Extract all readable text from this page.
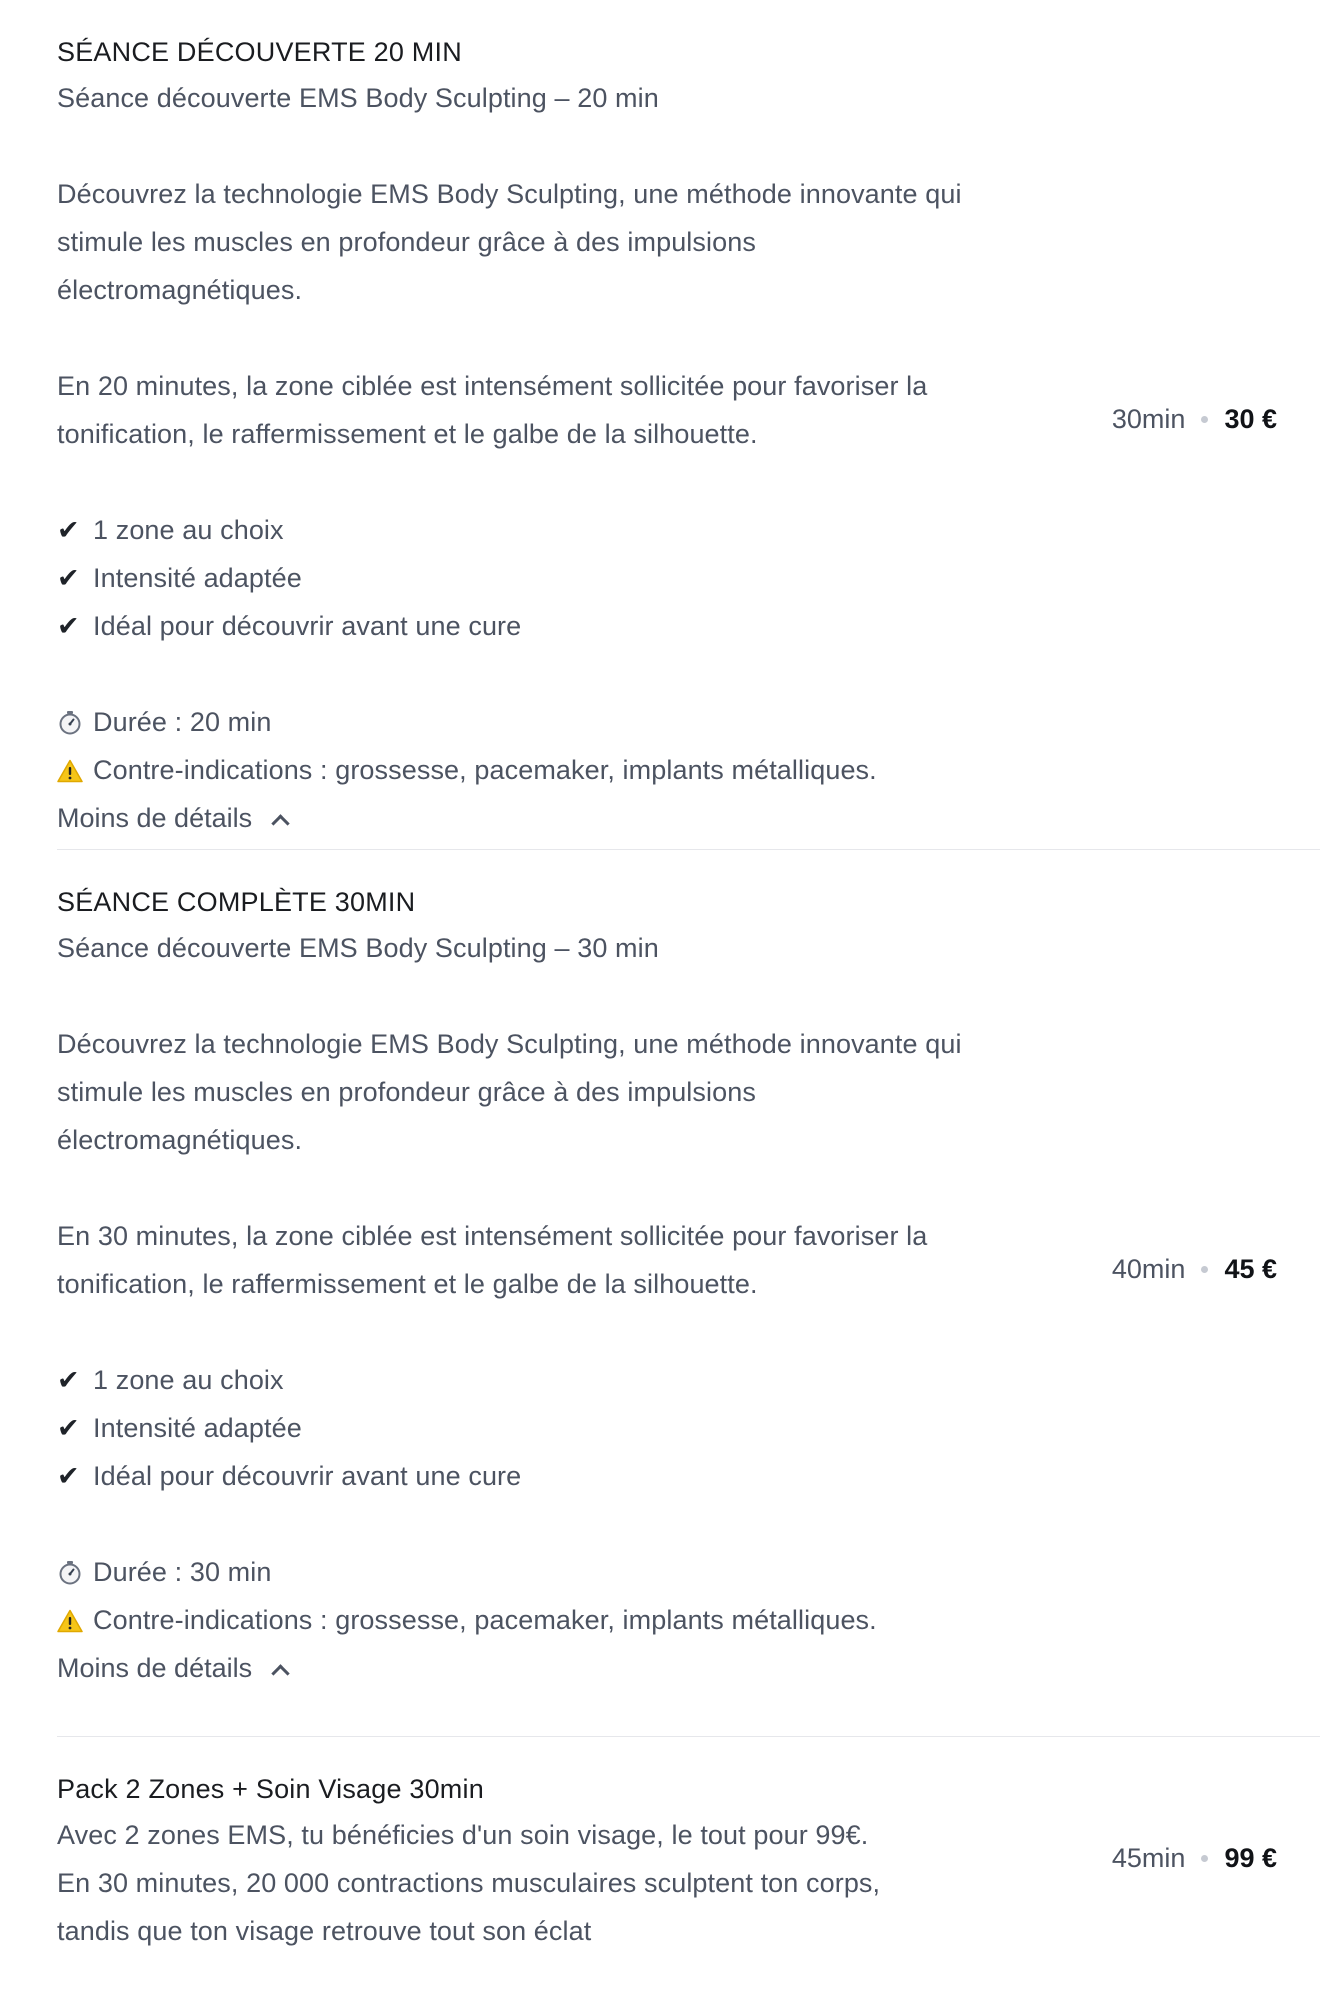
SÉANCE DÉCOUVERTE 20 MIN
Séance découverte EMS Body Sculpting – 20 min
Découvrez la technologie EMS Body Sculpting, une méthode innovante qui
stimule les muscles en profondeur grâce à des impulsions
électromagnétiques.
En 20 minutes, la zone ciblée est intensément sollicitée pour favoriser la
tonification, le raffermissement et le galbe de la silhouette.
✔ 1 zone au choix
✔ Intensité adaptée
✔ Idéal pour découvrir avant une cure
Durée : 20 min
Contre-indications : grossesse, pacemaker, implants métalliques.
Moins de détails
30min 30 €
SÉANCE COMPLÈTE 30MIN
Séance découverte EMS Body Sculpting – 30 min
Découvrez la technologie EMS Body Sculpting, une méthode innovante qui
stimule les muscles en profondeur grâce à des impulsions
électromagnétiques.
En 30 minutes, la zone ciblée est intensément sollicitée pour favoriser la
tonification, le raffermissement et le galbe de la silhouette.
✔ 1 zone au choix
✔ Intensité adaptée
✔ Idéal pour découvrir avant une cure
Durée : 30 min
Contre-indications : grossesse, pacemaker, implants métalliques.
Moins de détails
40min 45 €
Pack 2 Zones + Soin Visage 30min
Avec 2 zones EMS, tu bénéficies d'un soin visage, le tout pour 99€.
En 30 minutes, 20 000 contractions musculaires sculptent ton corps,
tandis que ton visage retrouve tout son éclat
45min 99 €
